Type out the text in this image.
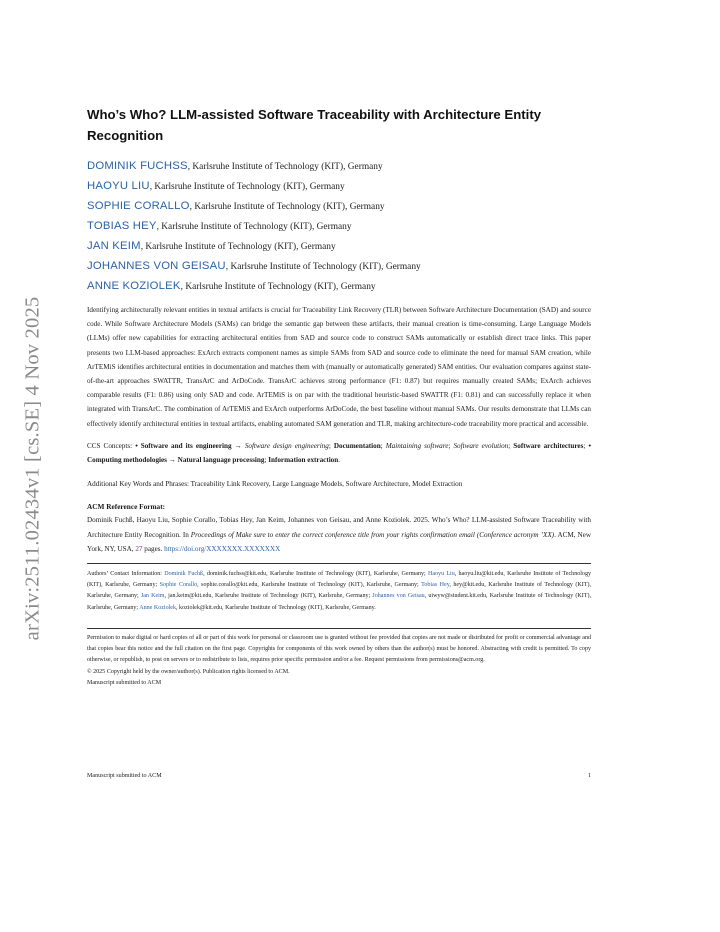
arXiv:2511.02434v1 [cs.SE] 4 Nov 2025
Who’s Who? LLM-assisted Software Traceability with Architecture Entity Recognition
DOMINIK FUCHSS, Karlsruhe Institute of Technology (KIT), Germany
HAOYU LIU, Karlsruhe Institute of Technology (KIT), Germany
SOPHIE CORALLO, Karlsruhe Institute of Technology (KIT), Germany
TOBIAS HEY, Karlsruhe Institute of Technology (KIT), Germany
JAN KEIM, Karlsruhe Institute of Technology (KIT), Germany
JOHANNES VON GEISAU, Karlsruhe Institute of Technology (KIT), Germany
ANNE KOZIOLEK, Karlsruhe Institute of Technology (KIT), Germany

Identifying architecturally relevant entities in textual artifacts is crucial for Traceability Link Recovery (TLR) between Software Architecture Documentation (SAD) and source code. While Software Architecture Models (SAMs) can bridge the semantic gap between these artifacts, their manual creation is time-consuming. Large Language Models (LLMs) offer new capabilities for extracting architectural entities from SAD and source code to construct SAMs automatically or establish direct trace links. This paper presents two LLM-based approaches: ExArch extracts component names as simple SAMs from SAD and source code to eliminate the need for manual SAM creation, while ArTEMiS identifies architectural entities in documentation and matches them with (manually or automatically generated) SAM entities. Our evaluation compares against state-of-the-art approaches SWATTR, TransArC and ArDoCode. TransArC achieves strong performance (F1: 0.87) but requires manually created SAMs; ExArch achieves comparable results (F1: 0.86) using only SAD and code. ArTEMiS is on par with the traditional heuristic-based SWATTR (F1: 0.81) and can successfully replace it when integrated with TransArC. The combination of ArTEMiS and ExArch outperforms ArDoCode, the best baseline without manual SAMs. Our results demonstrate that LLMs can effectively identify architectural entities in textual artifacts, enabling automated SAM generation and TLR, making architecture-code traceability more practical and accessible.

CCS Concepts: • Software and its engineering → Software design engineering; Documentation; Maintaining software; Software evolution; Software architectures; • Computing methodologies → Natural language processing; Information extraction.

Additional Key Words and Phrases: Traceability Link Recovery, Large Language Models, Software Architecture, Model Extraction

ACM Reference Format:

Dominik Fuchß, Haoyu Liu, Sophie Corallo, Tobias Hey, Jan Keim, Johannes von Geisau, and Anne Koziolek. 2025. Who’s Who? LLM-assisted Software Traceability with Architecture Entity Recognition. In Proceedings of Make sure to enter the correct conference title from your rights confirmation email (Conference acronym ’XX). ACM, New York, NY, USA, 27 pages. https://doi.org/XXXXXXX.XXXXXXX

Authors’ Contact Information: Dominik Fuchß, dominik.fuchss@kit.edu, Karlsruhe Institute of Technology (KIT), Karlsruhe, Germany; Haoyu Liu, haoyu.liu@kit.edu, Karlsruhe Institute of Technology (KIT), Karlsruhe, Germany; Sophie Corallo, sophie.corallo@kit.edu, Karlsruhe Institute of Technology (KIT), Karlsruhe, Germany; Tobias Hey, hey@kit.edu, Karlsruhe Institute of Technology (KIT), Karlsruhe, Germany; Jan Keim, jan.keim@kit.edu, Karlsruhe Institute of Technology (KIT), Karlsruhe, Germany; Johannes von Geisau, uiwyw@student.kit.edu, Karlsruhe Institute of Technology (KIT), Karlsruhe, Germany; Anne Koziolek, koziolek@kit.edu, Karlsruhe Institute of Technology (KIT), Karlsruhe, Germany.

Permission to make digital or hard copies of all or part of this work for personal or classroom use is granted without fee provided that copies are not made or distributed for profit or commercial advantage and that copies bear this notice and the full citation on the first page. Copyrights for components of this work owned by others than the author(s) must be honored. Abstracting with credit is permitted. To copy otherwise, or republish, to post on servers or to redistribute to lists, requires prior specific permission and/or a fee. Request permissions from permissions@acm.org.

© 2025 Copyright held by the owner/author(s). Publication rights licensed to ACM.

Manuscript submitted to ACM

Manuscript submitted to ACM	1
